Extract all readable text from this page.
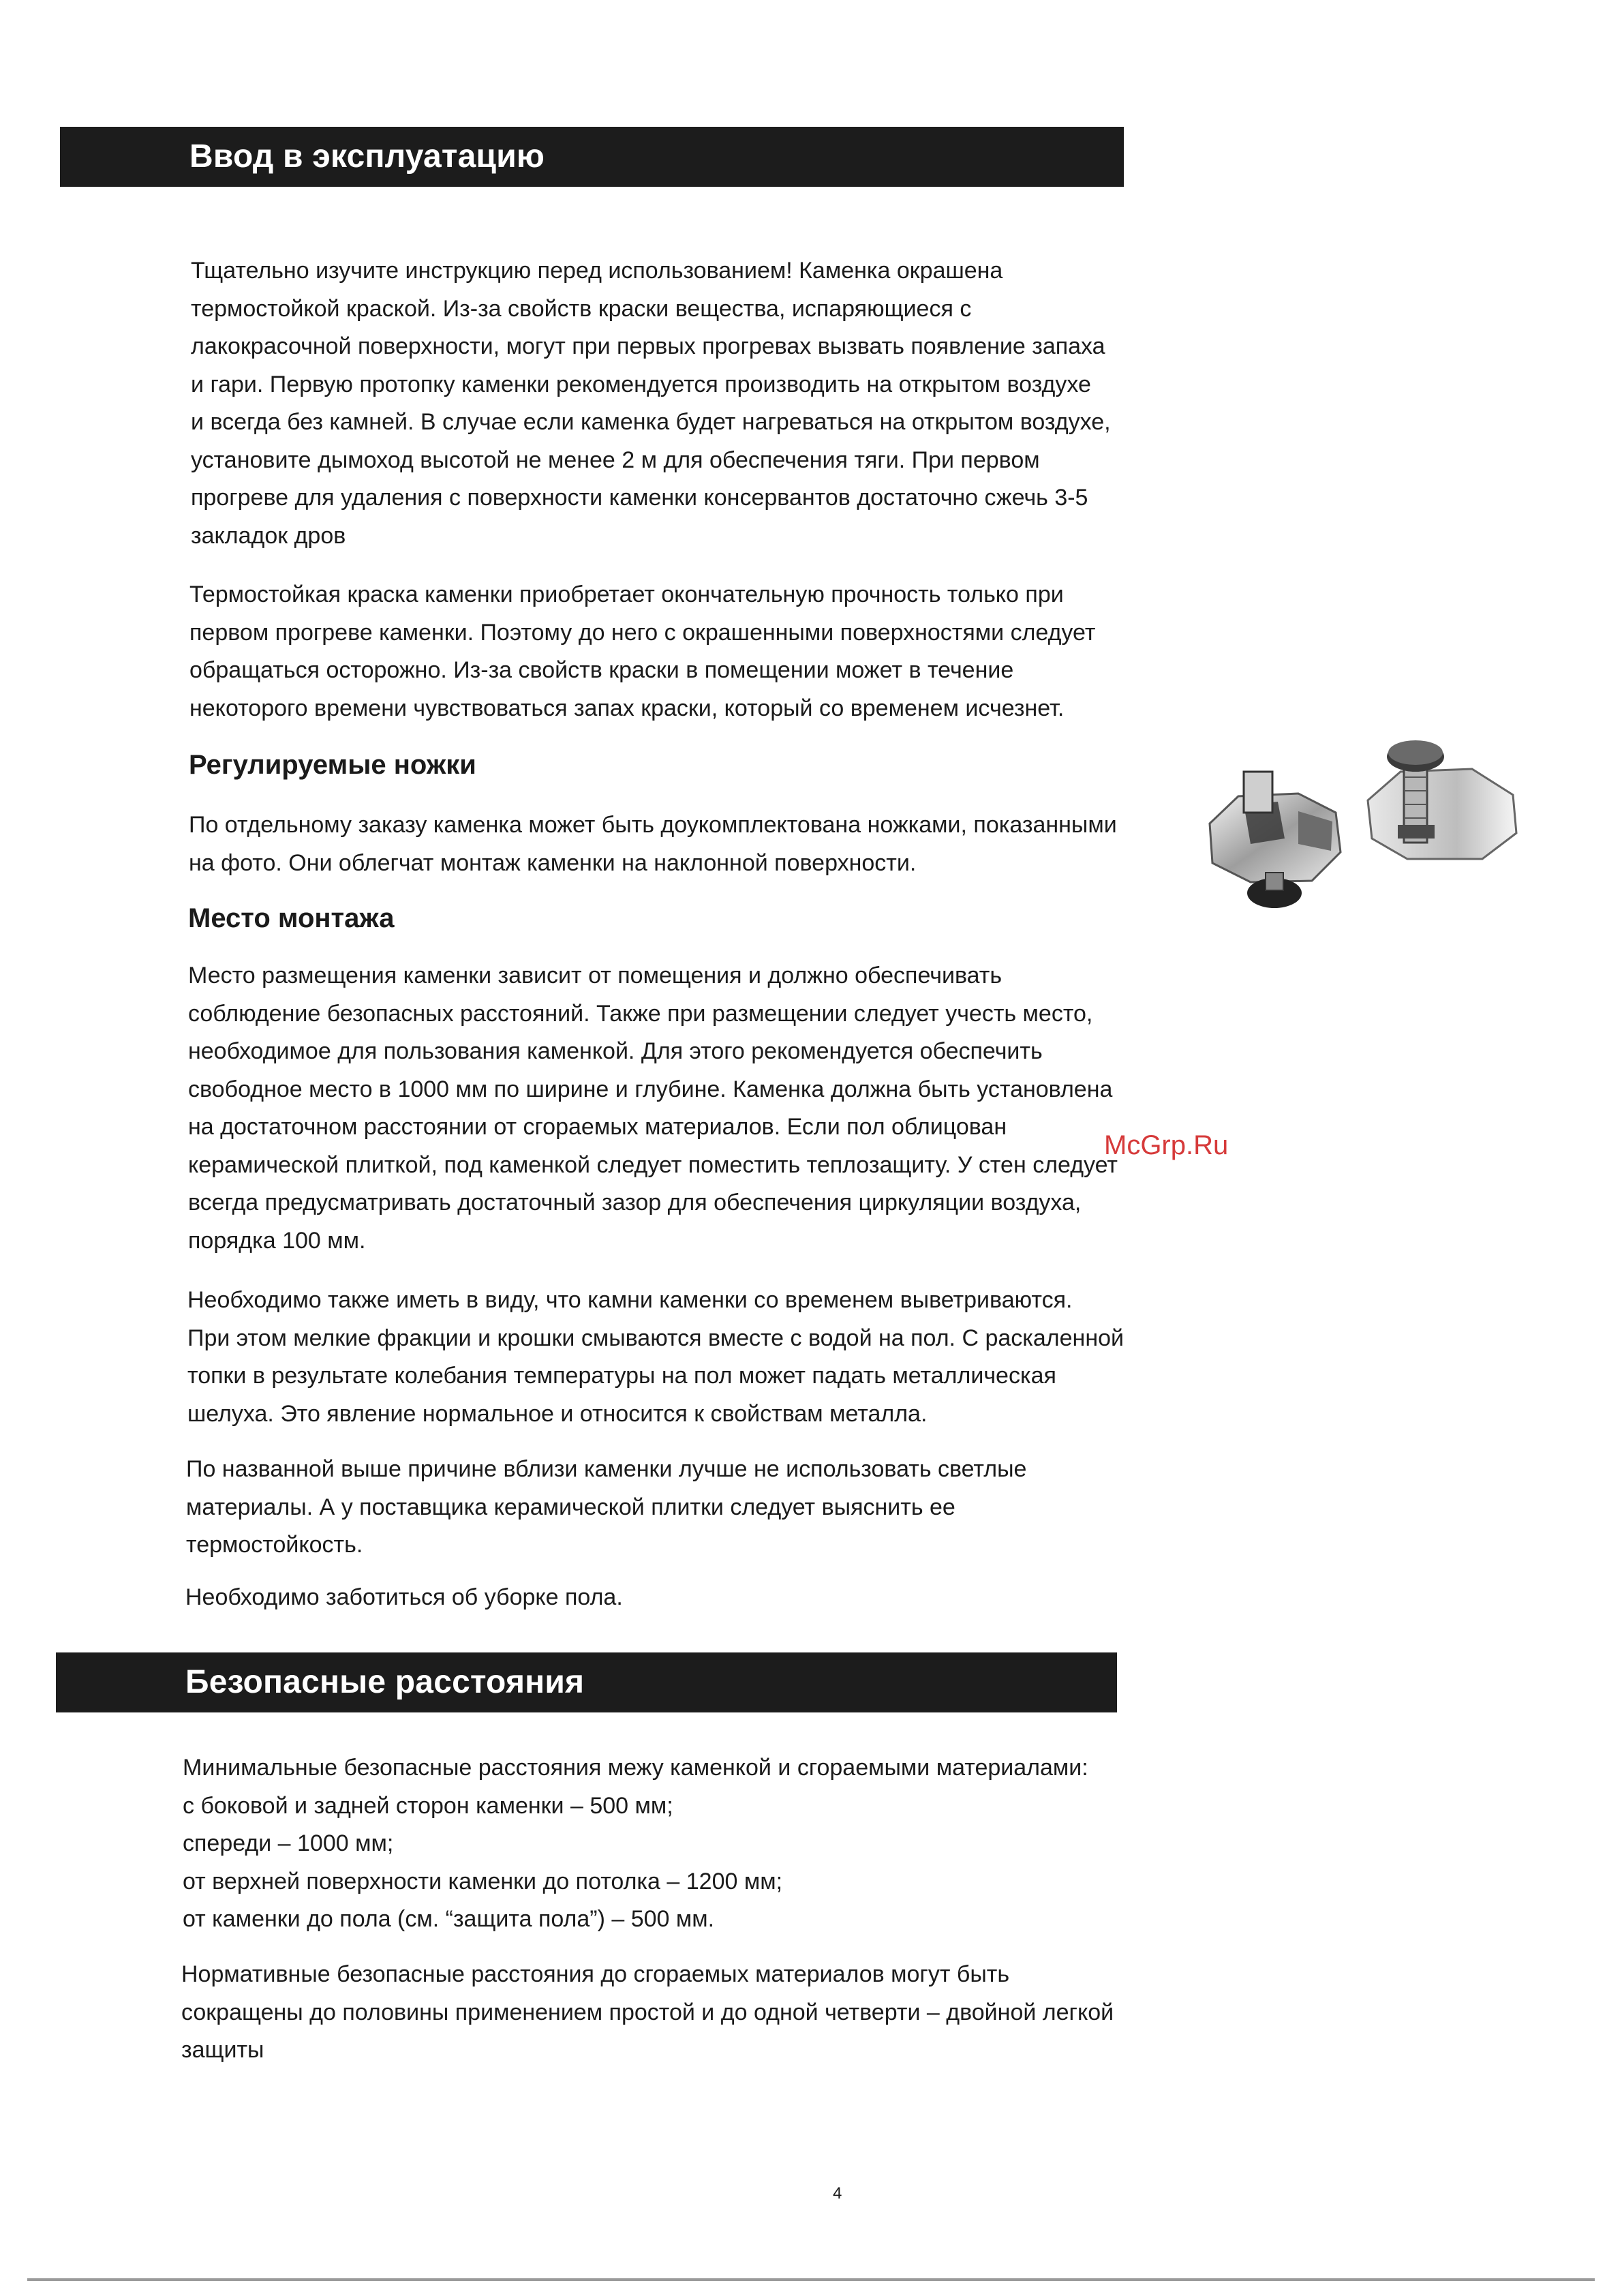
Ввод в эксплуатацию
Тщательно изучите инструкцию перед использованием! Каменка окрашена
термостойкой краской. Из-за свойств краски вещества, испаряющиеся с
лакокрасочной поверхности, могут при первых прогревах вызвать появление запаха
и гари. Первую протопку каменки рекомендуется производить на открытом воздухе
и всегда без камней. В случае если каменка будет нагреваться на открытом воздухе,
установите дымоход высотой не менее 2 м для обеспечения тяги. При первом
прогреве для удаления с поверхности каменки консервантов достаточно сжечь 3-5
закладок дров
Термостойкая краска каменки приобретает окончательную прочность только при
первом прогреве каменки. Поэтому до него с окрашенными поверхностями следует
обращаться осторожно. Из-за свойств краски в помещении может в течение
некоторого времени чувствоваться запах краски, который со временем исчезнет.
Регулируемые ножки
По отдельному заказу каменка может быть доукомплектована ножками, показанными
на фото. Они облегчат монтаж каменки на наклонной поверхности.
Место монтажа
Место размещения каменки зависит от помещения и должно обеспечивать
соблюдение безопасных расстояний. Также при размещении следует учесть место,
необходимое для пользования каменкой. Для этого рекомендуется обеспечить
свободное место в 1000 мм по ширине и глубине. Каменка должна быть установлена
на достаточном расстоянии от сгораемых материалов. Если пол облицован
керамической плиткой, под каменкой следует поместить теплозащиту. У стен следует
всегда предусматривать достаточный зазор для обеспечения циркуляции воздуха,
порядка 100 мм.
McGrp.Ru
Необходимо также иметь в виду, что камни каменки со временем выветриваются.
При этом мелкие фракции и крошки смываются вместе с водой на пол. С раскаленной
топки в результате колебания температуры на пол может падать металлическая
шелуха. Это явление нормальное и относится к свойствам металла.
По названной выше причине вблизи каменки лучше не использовать светлые
материалы. А у поставщика керамической плитки следует выяснить ее
термостойкость.
Необходимо заботиться об уборке пола.
Безопасные расстояния
Минимальные безопасные расстояния межу каменкой и сгораемыми материалами:
с боковой и задней сторон каменки – 500 мм;
спереди – 1000 мм;
от верхней поверхности каменки до потолка – 1200 мм;
от каменки до пола (см. “защита пола”) – 500 мм.
Нормативные безопасные расстояния до сгораемых материалов могут быть
сокращены до половины применением простой и до одной четверти – двойной легкой
защиты
4
